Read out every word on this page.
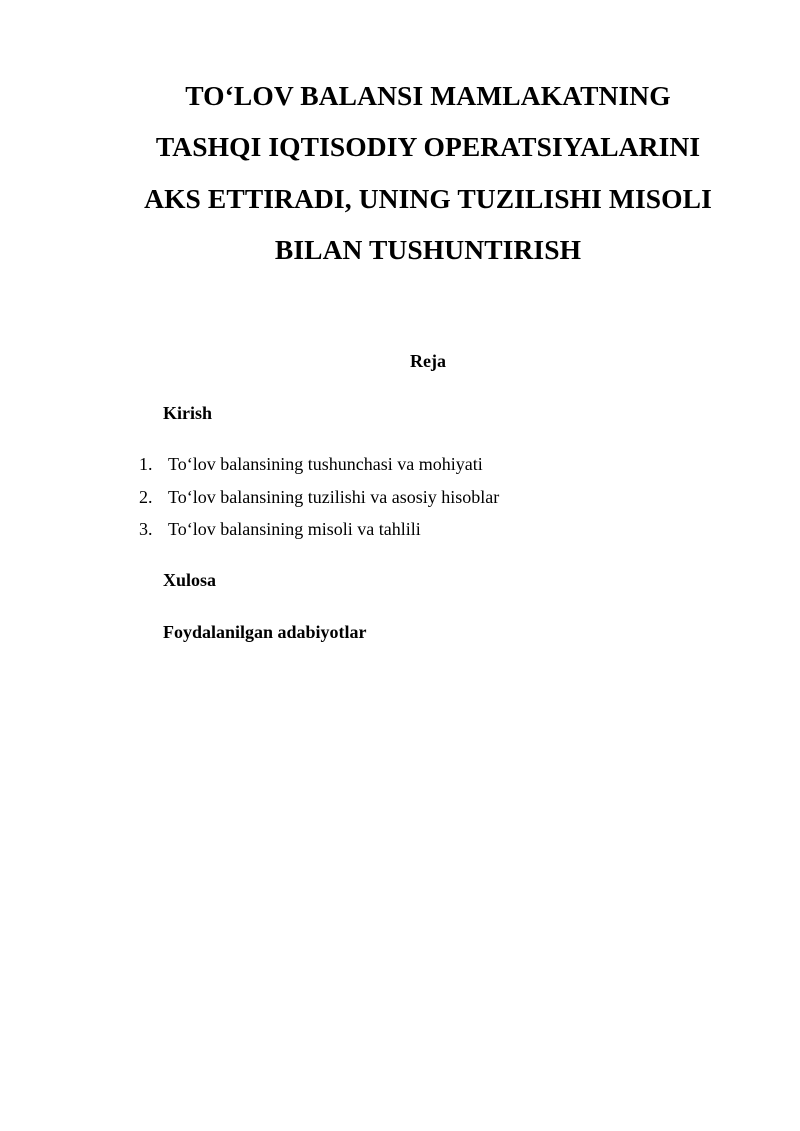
TO‘LOV BALANSI MAMLAKATNING
TASHQI IQTISODIY OPERATSIYALARINI
AKS ETTIRADI, UNING TUZILISHI MISOLI
BILAN TUSHUNTIRISH
Reja
Kirish
1. To‘lov balansining tushunchasi va mohiyati
2. To‘lov balansining tuzilishi va asosiy hisoblar
3. To‘lov balansining misoli va tahlili
Xulosa
Foydalanilgan adabiyotlar
